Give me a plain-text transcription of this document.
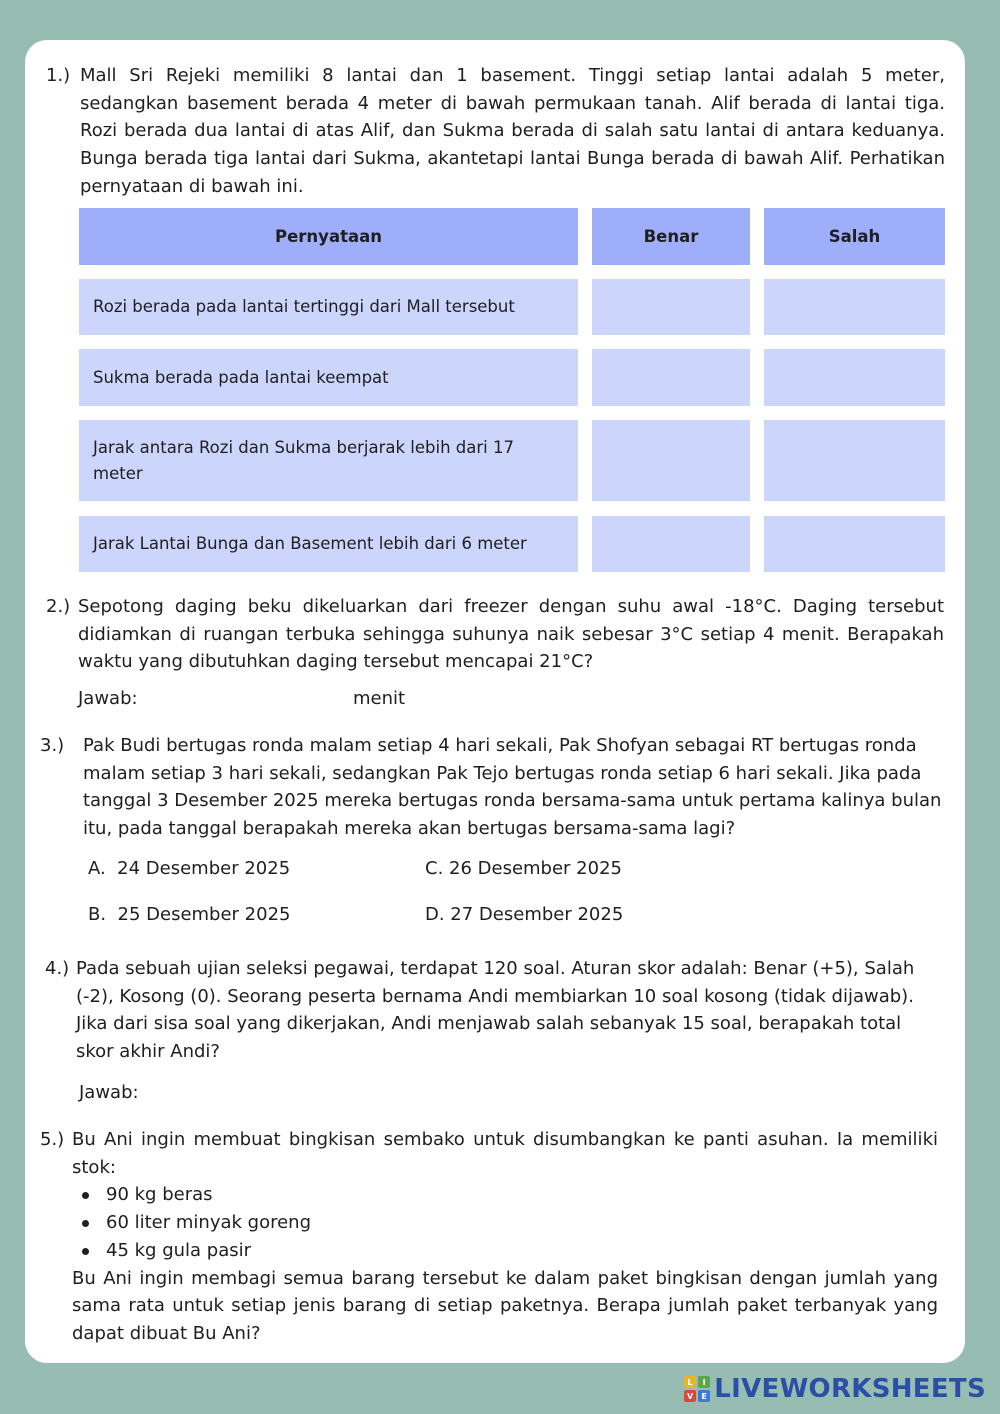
1.) Mall Sri Rejeki memiliki 8 lantai dan 1 basement. Tinggi setiap lantai adalah 5 meter, sedangkan basement berada 4 meter di bawah permukaan tanah. Alif berada di lantai tiga. Rozi berada dua lantai di atas Alif, dan Sukma berada di salah satu lantai di antara keduanya. Bunga berada tiga lantai dari Sukma, akantetapi lantai Bunga berada di bawah Alif. Perhatikan pernyataan di bawah ini.
Pernyataan	Benar	Salah
Rozi berada pada lantai tertinggi dari Mall tersebut
Sukma berada pada lantai keempat
Jarak antara Rozi dan Sukma berjarak lebih dari 17 meter
Jarak Lantai Bunga dan Basement lebih dari 6 meter
2.) Sepotong daging beku dikeluarkan dari freezer dengan suhu awal -18°C. Daging tersebut didiamkan di ruangan terbuka sehingga suhunya naik sebesar 3°C setiap 4 menit. Berapakah waktu yang dibutuhkan daging tersebut mencapai 21°C?
Jawab:	menit
3.) Pak Budi bertugas ronda malam setiap 4 hari sekali, Pak Shofyan sebagai RT bertugas ronda malam setiap 3 hari sekali, sedangkan Pak Tejo bertugas ronda setiap 6 hari sekali. Jika pada tanggal 3 Desember 2025 mereka bertugas ronda bersama-sama untuk pertama kalinya bulan itu, pada tanggal berapakah mereka akan bertugas bersama-sama lagi?
A.  24 Desember 2025	C. 26 Desember 2025
B.  25 Desember 2025	D. 27 Desember 2025
4.) Pada sebuah ujian seleksi pegawai, terdapat 120 soal. Aturan skor adalah: Benar (+5), Salah (-2), Kosong (0). Seorang peserta bernama Andi membiarkan 10 soal kosong (tidak dijawab). Jika dari sisa soal yang dikerjakan, Andi menjawab salah sebanyak 15 soal, berapakah total skor akhir Andi?
Jawab:
5.) Bu Ani ingin membuat bingkisan sembako untuk disumbangkan ke panti asuhan. Ia memiliki stok:
90 kg beras
60 liter minyak goreng
45 kg gula pasir
Bu Ani ingin membagi semua barang tersebut ke dalam paket bingkisan dengan jumlah yang sama rata untuk setiap jenis barang di setiap paketnya. Berapa jumlah paket terbanyak yang dapat dibuat Bu Ani?
L	I
V E LIVEWORKSHEETS
